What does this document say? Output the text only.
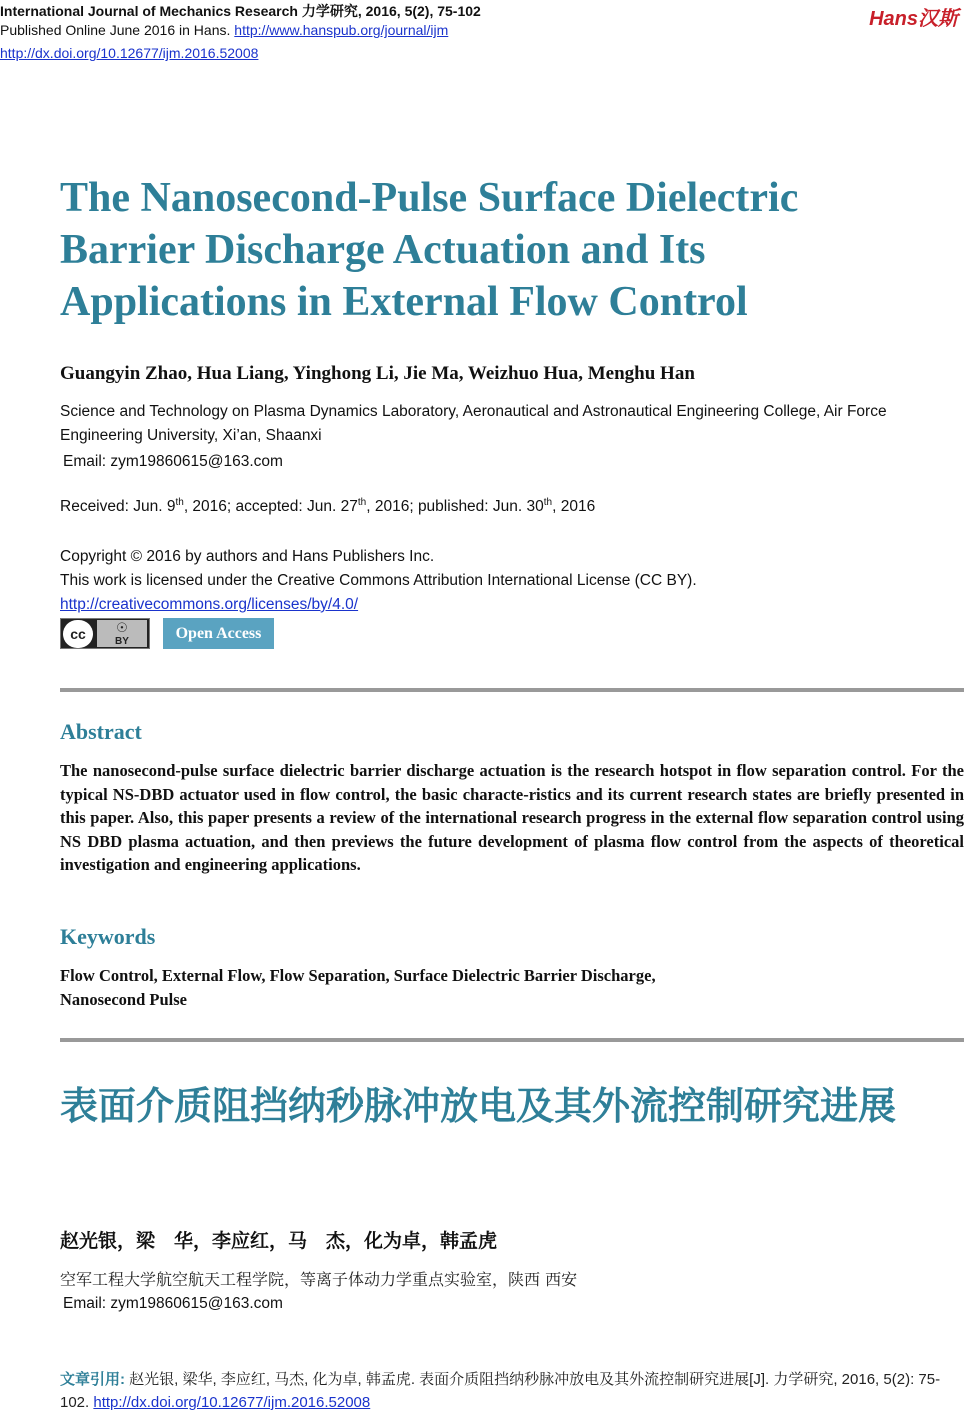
International Journal of Mechanics Research 力学研究, 2016, 5(2), 75-102
Published Online June 2016 in Hans. http://www.hanspub.org/journal/ijm
http://dx.doi.org/10.12677/ijm.2016.52008
Hans汉斯
The Nanosecond-Pulse Surface Dielectric Barrier Discharge Actuation and Its Applications in External Flow Control
Guangyin Zhao, Hua Liang, Yinghong Li, Jie Ma, Weizhuo Hua, Menghu Han
Science and Technology on Plasma Dynamics Laboratory, Aeronautical and Astronautical Engineering College, Air Force Engineering University, Xi’an, Shaanxi
Email: zym19860615@163.com
Received: Jun. 9th, 2016; accepted: Jun. 27th, 2016; published: Jun. 30th, 2016
Copyright © 2016 by authors and Hans Publishers Inc.
This work is licensed under the Creative Commons Attribution International License (CC BY).
http://creativecommons.org/licenses/by/4.0/
cc	☉
BY	Open Access
Abstract
The nanosecond-pulse surface dielectric barrier discharge actuation is the research hotspot in flow separation control. For the typical NS-DBD actuator used in flow control, the basic characte-ristics and its current research states are briefly presented in this paper. Also, this paper presents a review of the international research progress in the external flow separation control using NS DBD plasma actuation, and then previews the future development of plasma flow control from the aspects of theoretical investigation and engineering applications.
Keywords
Flow Control, External Flow, Flow Separation, Surface Dielectric Barrier Discharge,
Nanosecond Pulse
表面介质阻挡纳秒脉冲放电及其外流控制研究进展
赵光银，梁　华，李应红，马　杰，化为卓，韩孟虎
空军工程大学航空航天工程学院，等离子体动力学重点实验室，陕西 西安
Email: zym19860615@163.com
文章引用: 赵光银, 梁华, 李应红, 马杰, 化为卓, 韩孟虎. 表面介质阻挡纳秒脉冲放电及其外流控制研究进展[J]. 力学研究, 2016, 5(2): 75-102. http://dx.doi.org/10.12677/ijm.2016.52008
